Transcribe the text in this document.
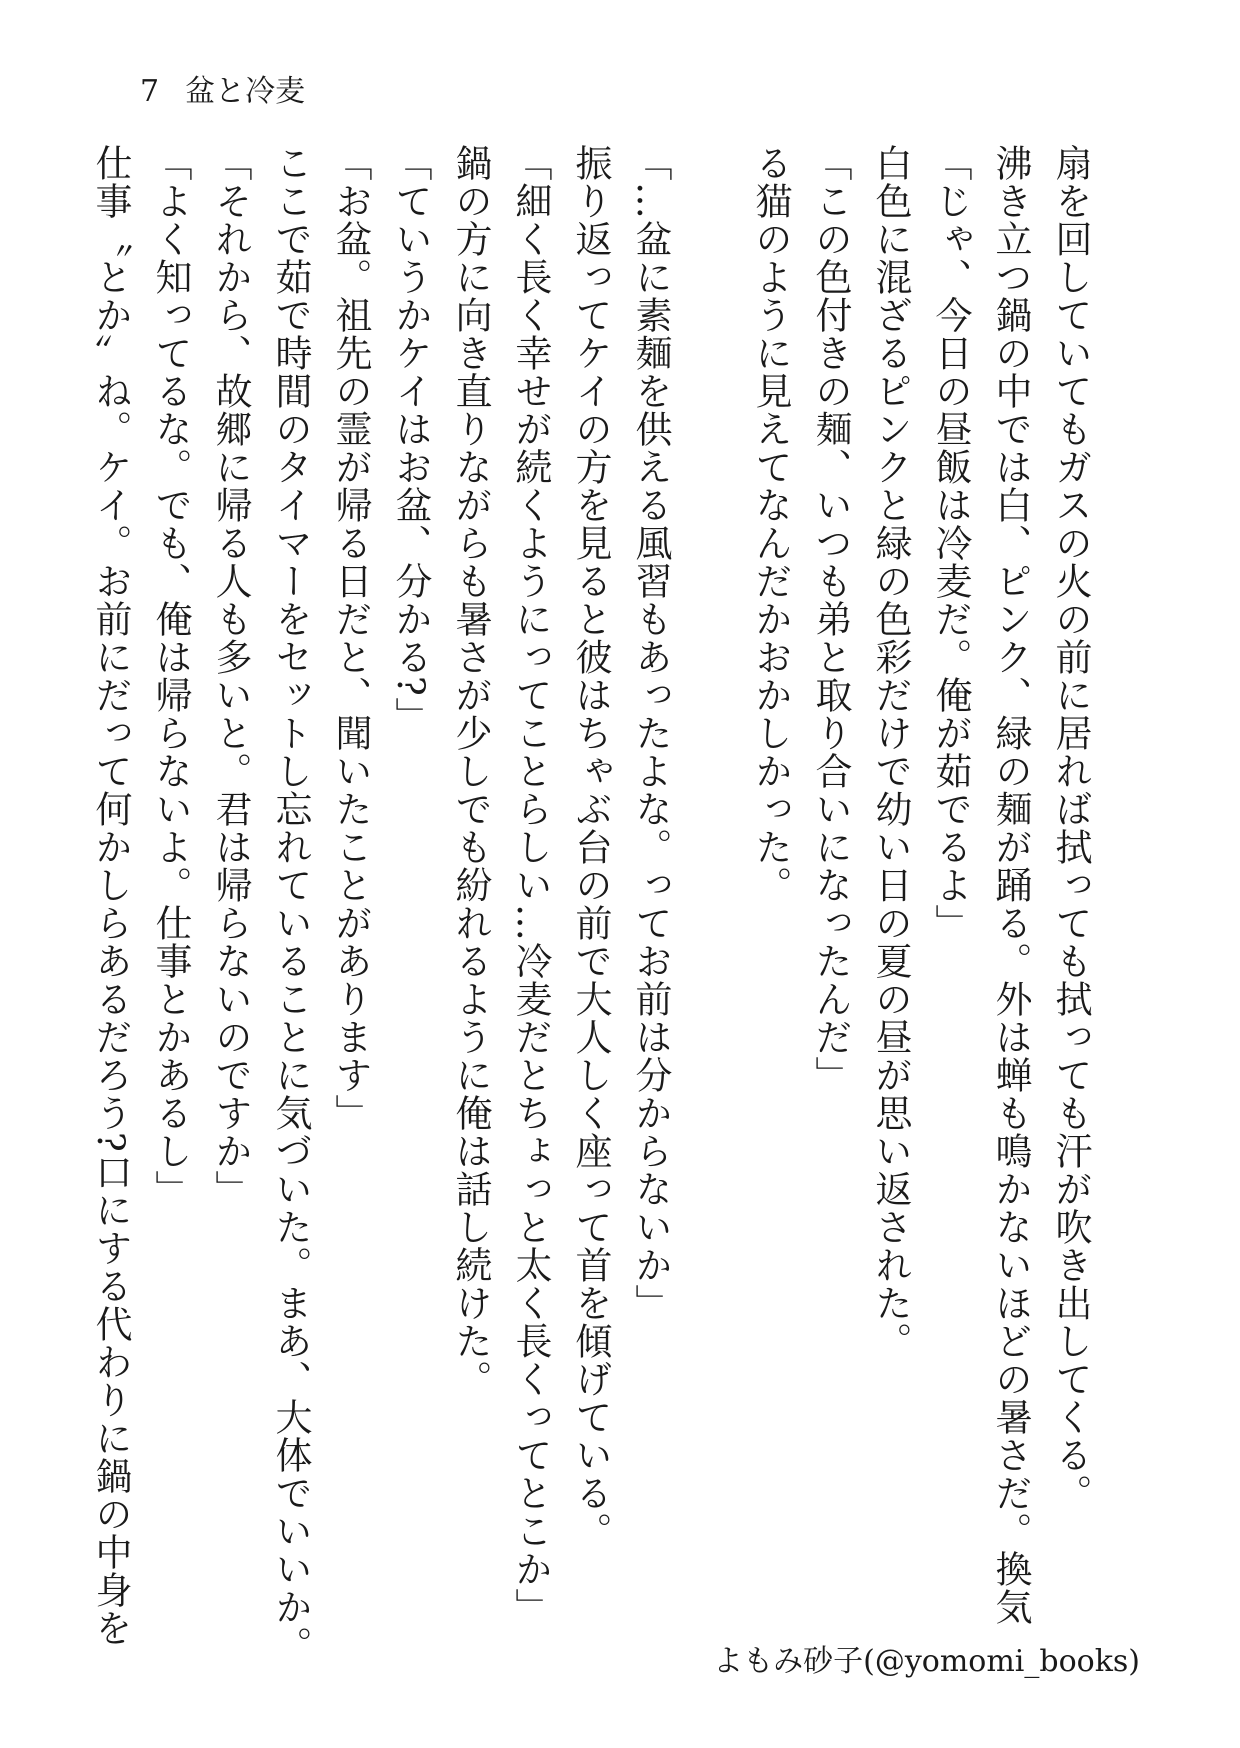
7 盆と冷麦

扇を回していてもガスの火の前に居れば拭っても拭っても汗が吹き出してくる。

沸き立つ鍋の中では白、ピンク、緑の麺が踊る。外は蝉も鳴かないほどの暑さだ。換気

「じゃ、今日の昼飯は冷麦だ。俺が茹でるよ」

白色に混ざるピンクと緑の色彩だけで幼い日の夏の昼が思い返された。

「この色付きの麺、いつも弟と取り合いになったんだ」

る猫のように見えてなんだかおかしかった。

「…盆に素麺を供える風習もあったよな。ってお前は分からないか」

振り返ってケイの方を見ると彼はちゃぶ台の前で大人しく座って首を傾げている。

「細く長く幸せが続くようにってことらしい…冷麦だとちょっと太く長くってとこか」

鍋の方に向き直りながらも暑さが少しでも紛れるように俺は話し続けた。

「ていうかケイはお盆、分かる?」

「お盆。祖先の霊が帰る日だと、聞いたことがあります」

ここで茹で時間のタイマーをセットし忘れていることに気づいた。まあ、大体でいいか。

「それから、故郷に帰る人も多いと。君は帰らないのですか」

「よく知ってるな。でも、俺は帰らないよ。仕事とかあるし」

仕事〝とか〟ね。ケイ。お前にだって何かしらあるだろう?口にする代わりに鍋の中身を

よもみ砂子(@yomomi_books)
